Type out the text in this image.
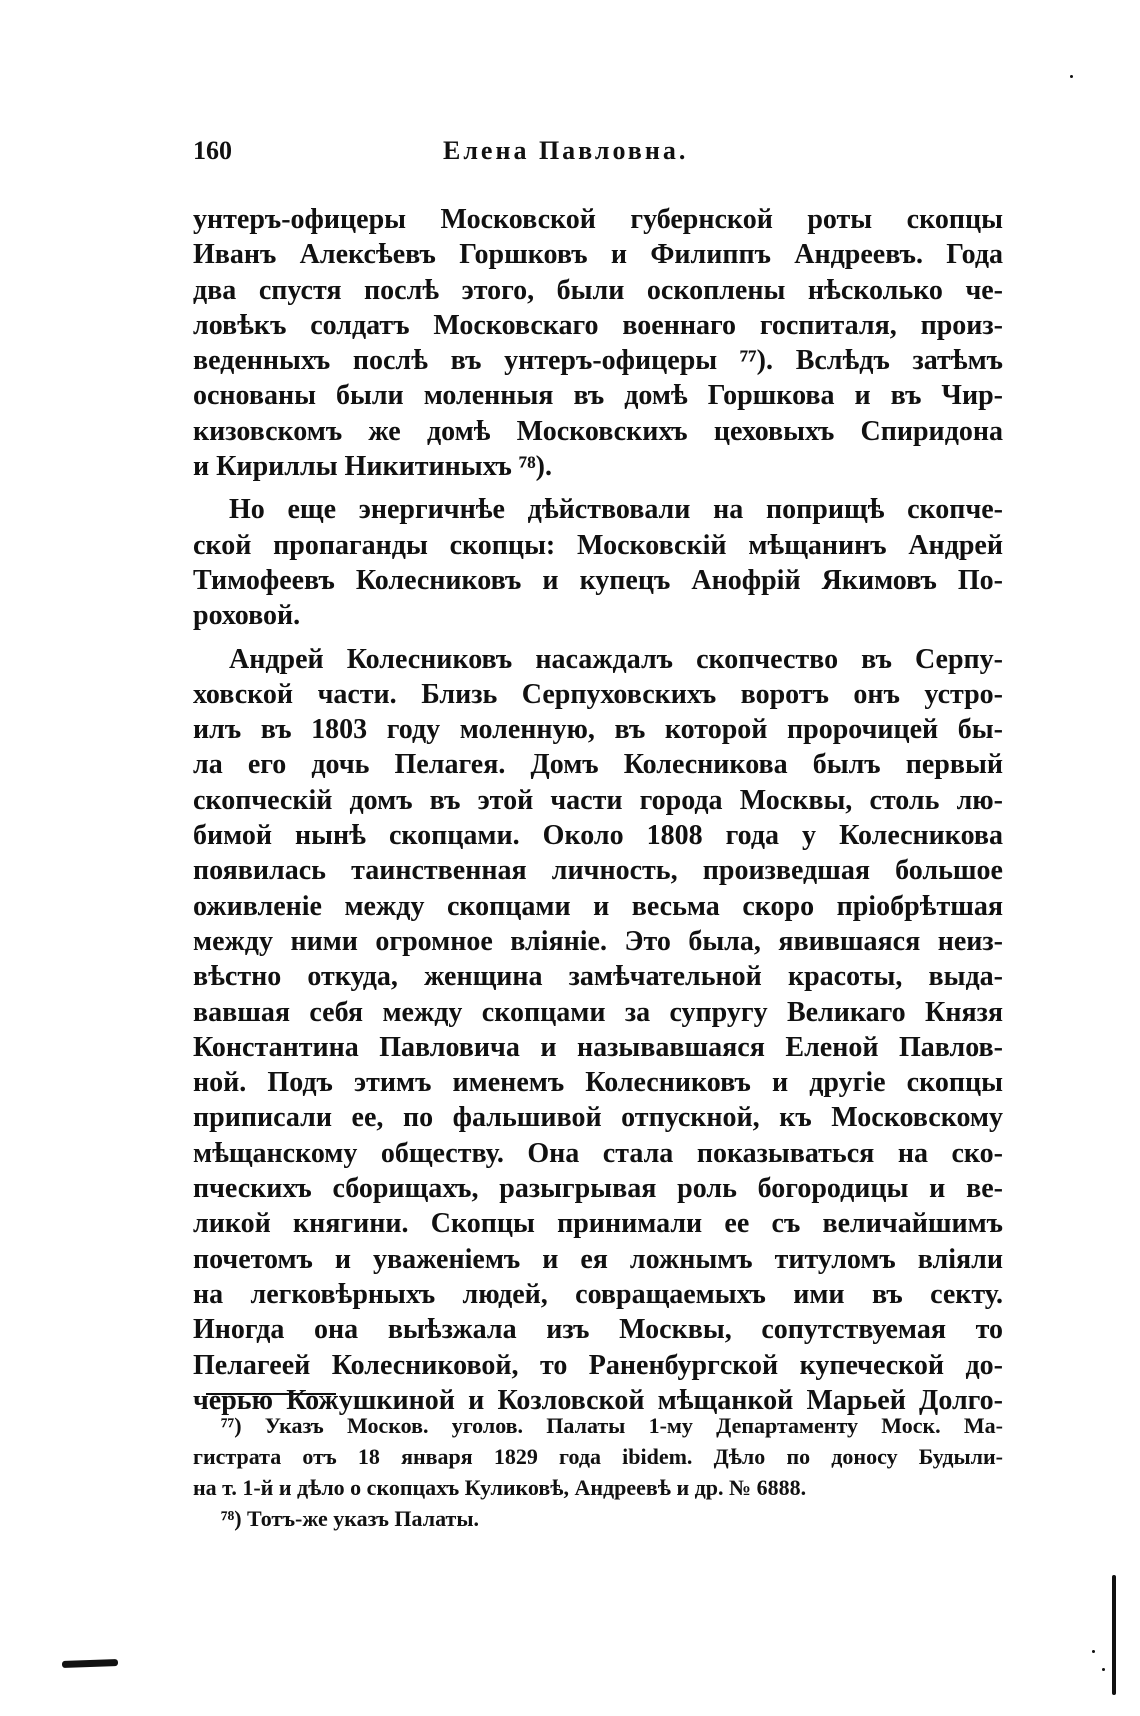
160	Елена Павловна.

унтеръ-офицеры Московской губернской роты скопцы
Иванъ Алексѣевъ Горшковъ и Филиппъ Андреевъ. Года
два спустя послѣ этого, были оскоплены нѣсколько че-
ловѣкъ солдатъ Московскаго военнаго госпиталя, произ-
веденныхъ послѣ въ унтеръ-офицеры ⁷⁷). Вслѣдъ затѣмъ
основаны были моленныя въ домѣ Горшкова и въ Чир-
кизовскомъ же домѣ Московскихъ цеховыхъ Спиридона
и Кириллы Никитиныхъ ⁷⁸).

Но еще энергичнѣе дѣйствовали на поприщѣ скопче-
ской пропаганды скопцы: Московскій мѣщанинъ Андрей
Тимофеевъ Колесниковъ и купецъ Анофрій Якимовъ По-
роховой.

Андрей Колесниковъ насаждалъ скопчество въ Серпу-
ховской части. Близь Серпуховскихъ воротъ онъ устро-
илъ въ 1803 году моленную, въ которой пророчицей бы-
ла его дочь Пелагея. Домъ Колесникова былъ первый
скопческій домъ въ этой части города Москвы, столь лю-
бимой нынѣ скопцами. Около 1808 года у Колесникова
появилась таинственная личность, произведшая большое
оживленіе между скопцами и весьма скоро пріобрѣтшая
между ними огромное вліяніе. Это была, явившаяся неиз-
вѣстно откуда, женщина замѣчательной красоты, выда-
вавшая себя между скопцами за супругу Великаго Князя
Константина Павловича и называвшаяся Еленой Павлов-
ной. Подъ этимъ именемъ Колесниковъ и другіе скопцы
приписали ее, по фальшивой отпускной, къ Московскому
мѣщанскому обществу. Она стала показываться на ско-
пческихъ сборищахъ, разыгрывая роль богородицы и ве-
ликой княгини. Скопцы принимали ее съ величайшимъ
почетомъ и уваженіемъ и ея ложнымъ титуломъ вліяли
на легковѣрныхъ людей, совращаемыхъ ими въ секту.
Иногда она выѣзжала изъ Москвы, сопутствуемая то
Пелагеей Колесниковой, то Раненбургской купеческой до-
черью Кожушкиной и Козловской мѣщанкой Марьей Долго-

⁷⁷) Указъ Москов. уголов. Палаты 1-му Департаменту Моск. Ма-
гистрата отъ 18 января 1829 года ibidem. Дѣло по доносу Будыли-
на т. 1-й и дѣло о скопцахъ Куликовѣ, Андреевѣ и др. № 6888.
⁷⁸) Тотъ-же указъ Палаты.
